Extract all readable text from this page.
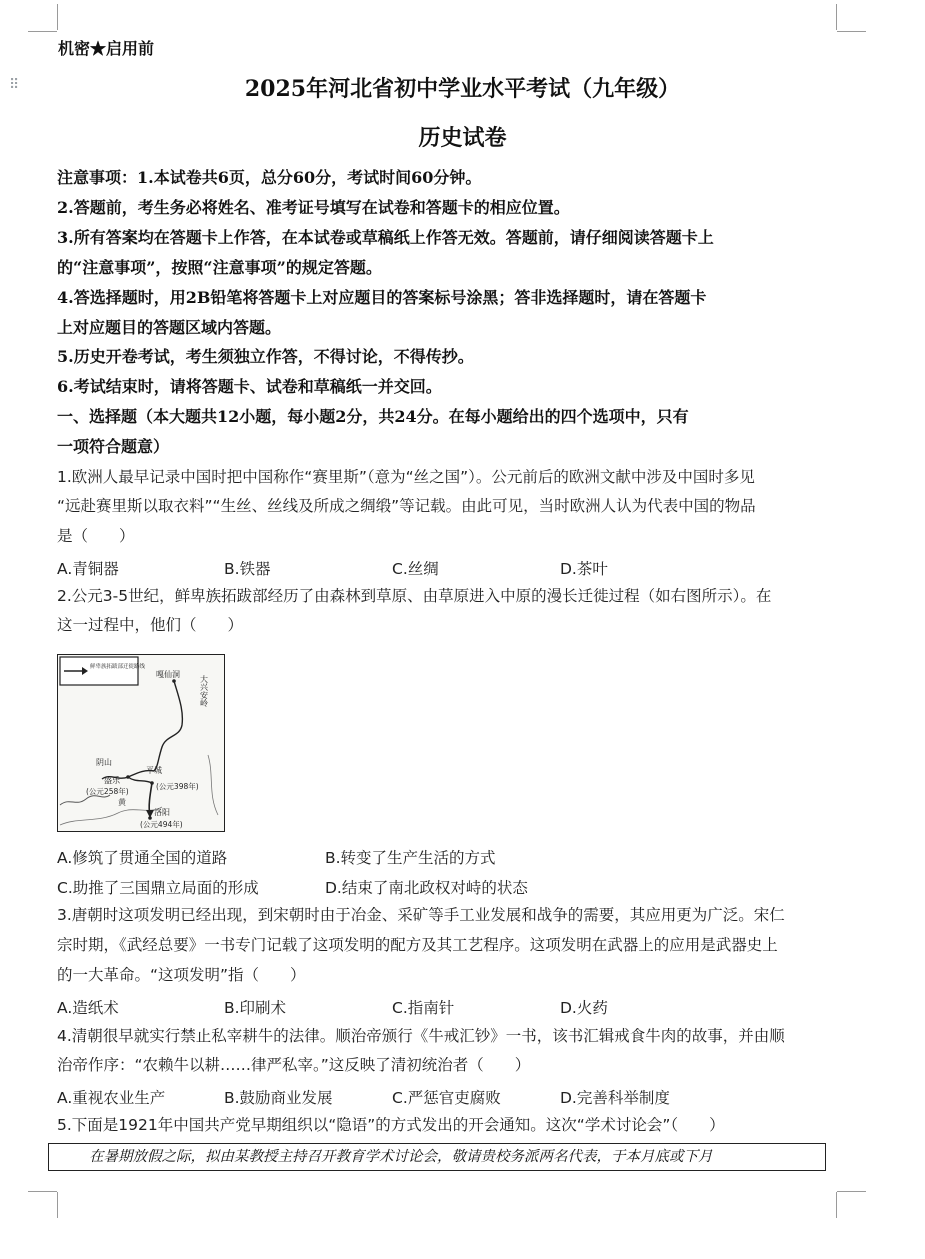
⠿
机密★启用前
2025年河北省初中学业水平考试（九年级）
历史试卷
注意事项：1.本试卷共6页，总分60分，考试时间60分钟。
2.答题前，考生务必将姓名、准考证号填写在试卷和答题卡的相应位置。
3.所有答案均在答题卡上作答，在本试卷或草稿纸上作答无效。答题前，请仔细阅读答题卡上
的“注意事项”，按照“注意事项”的规定答题。
4.答选择题时，用2B铅笔将答题卡上对应题目的答案标号涂黑；答非选择题时，请在答题卡
上对应题目的答题区域内答题。
5.历史开卷考试，考生须独立作答，不得讨论，不得传抄。
6.考试结束时，请将答题卡、试卷和草稿纸一并交回。
一、选择题（本大题共12小题，每小题2分，共24分。在每小题给出的四个选项中，只有
一项符合题意）
1.欧洲人最早记录中国时把中国称作“赛里斯”（意为“丝之国”）。公元前后的欧洲文献中涉及中国时多见
“远赴赛里斯以取衣料”“生丝、丝线及所成之绸缎”等记载。由此可见，当时欧洲人认为代表中国的物品
是（　　）
A.青铜器	B.铁器	C.丝绸	D.茶叶
2.公元3-5世纪，鲜卑族拓跋部经历了由森林到草原、由草原进入中原的漫长迁徙过程（如右图所示）。在
这一过程中，他们（　　）
鲜卑族拓跋部迁徙路线
嘎仙洞
大兴安岭
阴山
盛乐
(公元258年)
平城
(公元398年)
黄
洛阳
(公元494年)
A.修筑了贯通全国的道路	B.转变了生产生活的方式
C.助推了三国鼎立局面的形成	D.结束了南北政权对峙的状态
3.唐朝时这项发明已经出现，到宋朝时由于冶金、采矿等手工业发展和战争的需要，其应用更为广泛。宋仁
宗时期，《武经总要》一书专门记载了这项发明的配方及其工艺程序。这项发明在武器上的应用是武器史上
的一大革命。“这项发明”指（　　）
A.造纸术	B.印刷术	C.指南针	D.火药
4.清朝很早就实行禁止私宰耕牛的法律。顺治帝颁行《牛戒汇钞》一书，该书汇辑戒食牛肉的故事，并由顺
治帝作序：“农赖牛以耕……律严私宰。”这反映了清初统治者（　　）
A.重视农业生产	B.鼓励商业发展	C.严惩官吏腐败	D.完善科举制度
5.下面是1921年中国共产党早期组织以“隐语”的方式发出的开会通知。这次“学术讨论会”（　　）
在暑期放假之际，拟由某教授主持召开教育学术讨论会，敬请贵校务派两名代表，于本月底或下月
